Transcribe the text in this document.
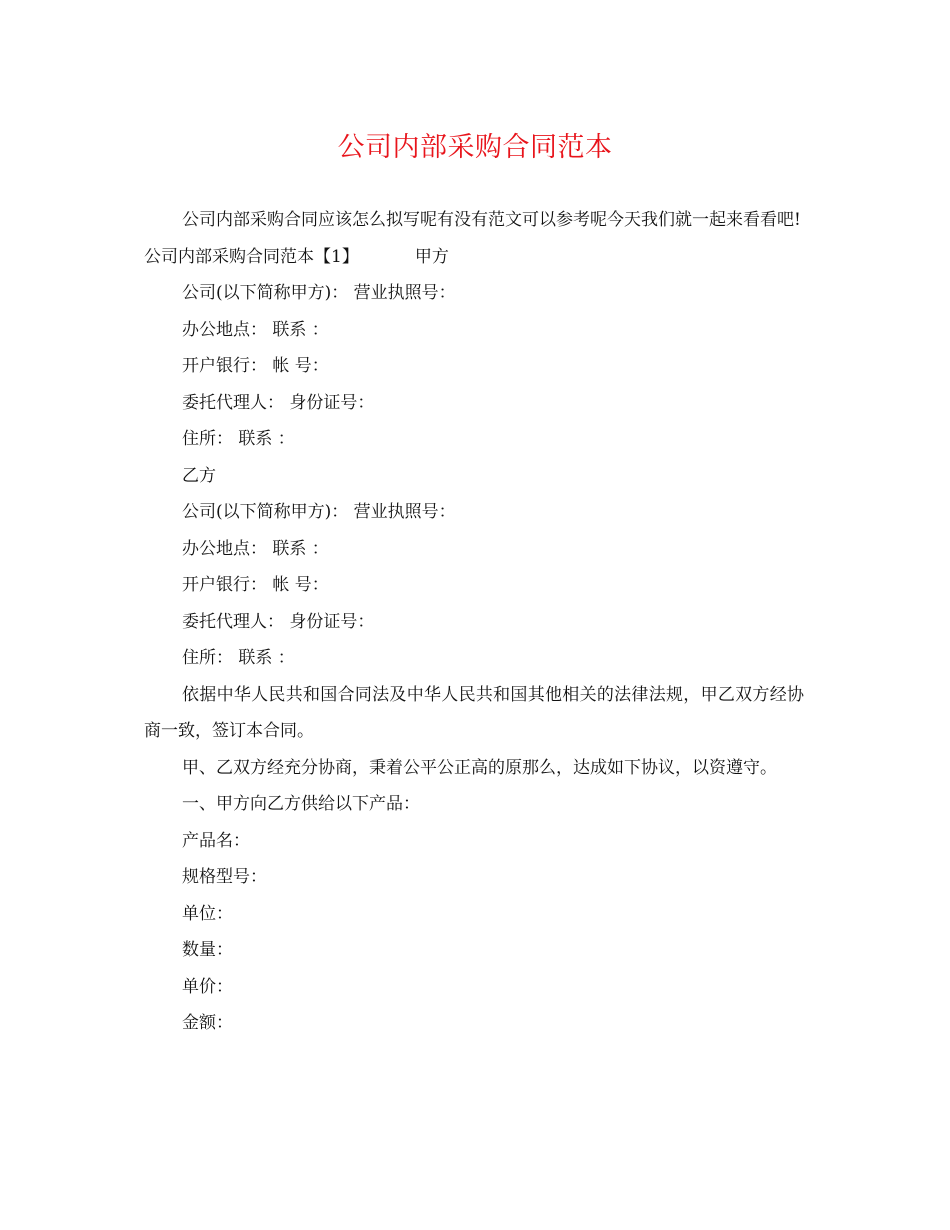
公司内部采购合同范本

公司内部采购合同应该怎么拟写呢有没有范文可以参考呢今天我们就一起来看看吧!

公司内部采购合同范本【1】	甲方

公司(以下简称甲方)： 营业执照号：

办公地点： 联系 ：

开户银行： 帐 号：

委托代理人： 身份证号：

住所： 联系 ：

乙方

公司(以下简称甲方)： 营业执照号：

办公地点： 联系 ：

开户银行： 帐 号：

委托代理人： 身份证号：

住所： 联系 ：

依据中华人民共和国合同法及中华人民共和国其他相关的法律法规，甲乙双方经协商一致，签订本合同。

甲、乙双方经充分协商，秉着公平公正高的原那么，达成如下协议，以资遵守。

一、甲方向乙方供给以下产品：

产品名：

规格型号：

单位：

数量：

单价：

金额：
